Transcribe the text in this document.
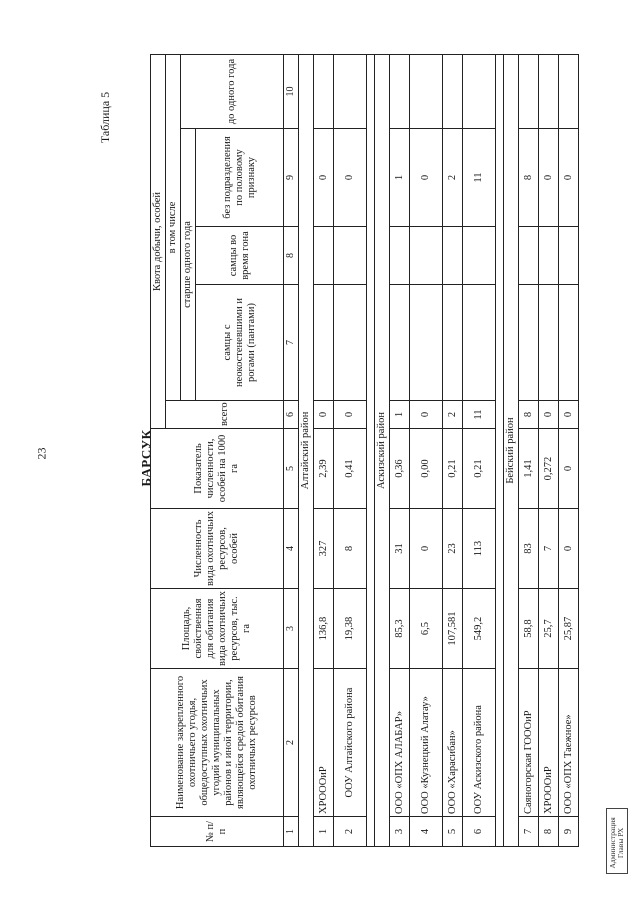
23	БАРСУК
Таблица 5
№ п/п	Наименование закрепленного охотничьего угодья, общедоступных охотничьих угодий муниципальных районов и иной территории, являющейся средой обитания охотничьих ресурсов	Площадь, свойственная для обитания вида охотничьих ресурсов, тыс. га	Численность вида охотничьих ресурсов, особей	Показатель численности, особей на 1000 га	Квота добычи, особей				
					всего	в том числе			
						старше одного года			до одного года
						самцы с неокостеневшими и рогами (пантами)	самцы во время гона	без подразделения по половому признаку	
1	2	3	4	5	6	7	8	9	10
Алтайский район									
1	ХРОООиР	136,8	327	2,39	0			0	
2	ООУ Алтайского района	19,38	8	0,41	0			0	

Аскизский район									
3	ООО «ОПХ АЛАБАР»	85,3	31	0,36	1			1	
4	ООО «Кузнецкий Алатау»	6,5	0	0,00	0			0	
5	ООО «Харасибан»	107,581	23	0,21	2			2	
6	ООУ Аскизского района	549,2	113	0,21	11			11	

Бейский район									
7	Саяногорская ГОООиР	58,8	83	1,41	8			8	
8	ХРОООиР	25,7	7	0,272	0			0	
9	ООО «ОПХ Таежное»	25,87	0	0	0			0	
Администрация Главы РХ
